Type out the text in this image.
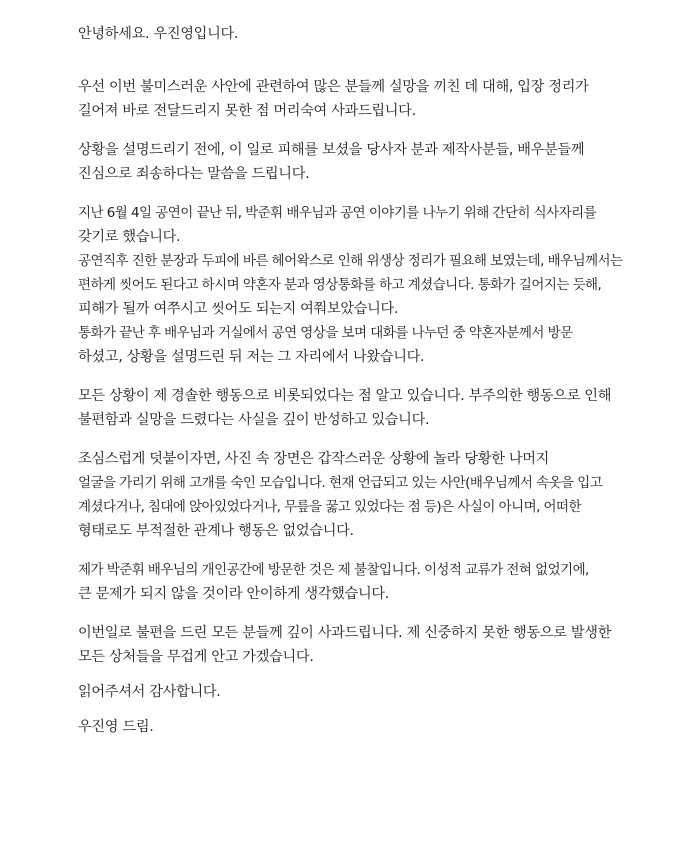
안녕하세요. 우진영입니다.
우선 이번 불미스러운 사안에 관련하여 많은 분들께 실망을 끼친 데 대해, 입장 정리가
길어져 바로 전달드리지 못한 점 머리숙여 사과드립니다.
상황을 설명드리기 전에, 이 일로 피해를 보셨을 당사자 분과 제작사분들, 배우분들께
진심으로 죄송하다는 말씀을 드립니다.
지난 6월 4일 공연이 끝난 뒤, 박준휘 배우님과 공연 이야기를 나누기 위해 간단히 식사자리를
갖기로 했습니다.
공연직후 진한 분장과 두피에 바른 헤어왁스로 인해 위생상 정리가 필요해 보였는데, 배우님께서는
편하게 씻어도 된다고 하시며 약혼자 분과 영상통화를 하고 계셨습니다. 통화가 길어지는 듯해,
피해가 될까 여쭈시고 씻어도 되는지 여쭤보았습니다.
통화가 끝난 후 배우님과 거실에서 공연 영상을 보며 대화를 나누던 중 약혼자분께서 방문
하셨고, 상황을 설명드린 뒤 저는 그 자리에서 나왔습니다.
모든 상황이 제 경솔한 행동으로 비롯되었다는 점 알고 있습니다. 부주의한 행동으로 인해
불편함과 실망을 드렸다는 사실을 깊이 반성하고 있습니다.
조심스럽게 덧붙이자면, 사진 속 장면은 갑작스러운 상황에 놀라 당황한 나머지
얼굴을 가리기 위해 고개를 숙인 모습입니다. 현재 언급되고 있는 사안(배우님께서 속옷을 입고
계셨다거나, 침대에 앉아있었다거나, 무릎을 꿇고 있었다는 점 등)은 사실이 아니며, 어떠한
형태로도 부적절한 관계나 행동은 없었습니다.
제가 박준휘 배우님의 개인공간에 방문한 것은 제 불찰입니다. 이성적 교류가 전혀 없었기에,
큰 문제가 되지 않을 것이라 안이하게 생각했습니다.
이번일로 불편을 드린 모든 분들께 깊이 사과드립니다. 제 신중하지 못한 행동으로 발생한
모든 상처들을 무겁게 안고 가겠습니다.
읽어주셔서 감사합니다.
우진영 드림.
